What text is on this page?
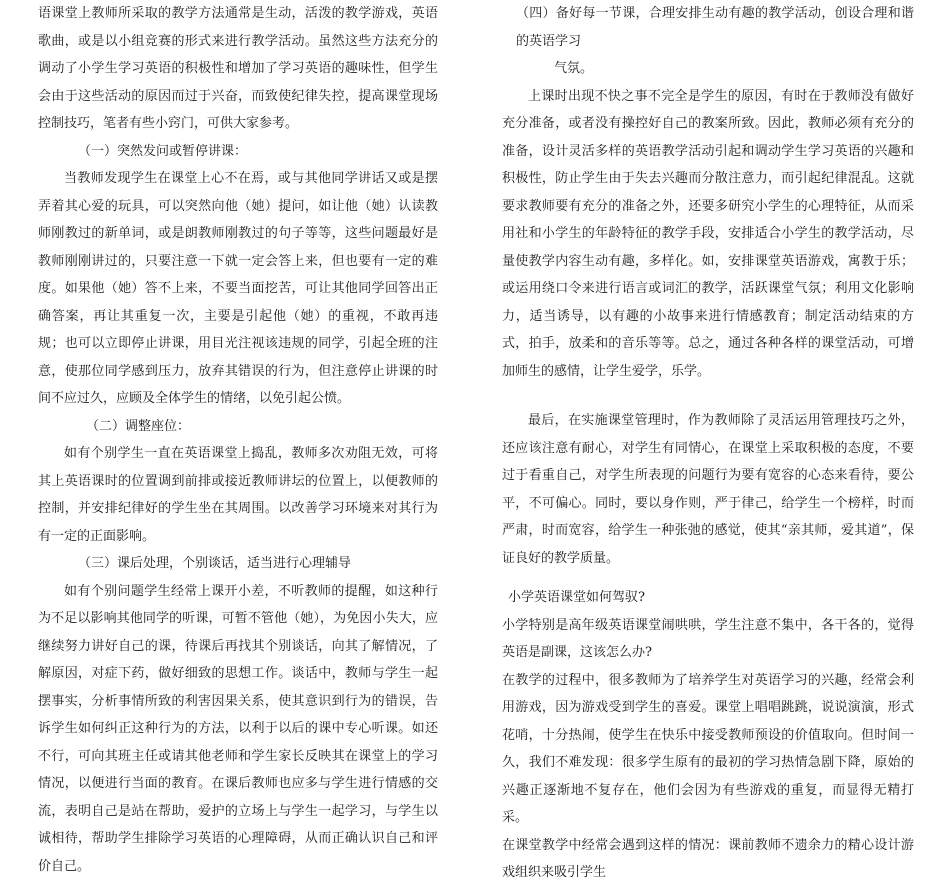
语课堂上教师所采取的教学方法通常是生动，活泼的教学游戏，英语歌曲，或是以小组竞赛的形式来进行教学活动。虽然这些方法充分的调动了小学生学习英语的积极性和增加了学习英语的趣味性，但学生会由于这些活动的原因而过于兴奋，而致使纪律失控，提高课堂现场控制技巧，笔者有些小窍门，可供大家参考。

（一）突然发问或暂停讲课：

当教师发现学生在课堂上心不在焉，或与其他同学讲话又或是摆弄着其心爱的玩具，可以突然向他（她）提问，如让他（她）认读教师刚教过的新单词，或是朗教师刚教过的句子等等，这些问题最好是教师刚刚讲过的，只要注意一下就一定会答上来，但也要有一定的难度。如果他（她）答不上来，不要当面挖苦，可让其他同学回答出正确答案，再让其重复一次，主要是引起他（她）的重视，不敢再违规；也可以立即停止讲课，用目光注视该违规的同学，引起全班的注意，使那位同学感到压力，放弃其错误的行为，但注意停止讲课的时间不应过久，应顾及全体学生的情绪，以免引起公愤。

（二）调整座位：

如有个别学生一直在英语课堂上捣乱，教师多次劝阻无效，可将其上英语课时的位置调到前排或接近教师讲坛的位置上，以便教师的控制，并安排纪律好的学生坐在其周围。以改善学习环境来对其行为有一定的正面影响。

（三）课后处理，个别谈话，适当进行心理辅导

如有个别问题学生经常上课开小差，不听教师的提醒，如这种行为不足以影响其他同学的听课，可暂不管他（她），为免因小失大，应继续努力讲好自己的课，待课后再找其个别谈话，向其了解情况，了解原因，对症下药，做好细致的思想工作。谈话中，教师与学生一起摆事实，分析事情所致的利害因果关系，使其意识到行为的错误，告诉学生如何纠正这种行为的方法，以利于以后的课中专心听课。如还不行，可向其班主任或请其他老师和学生家长反映其在课堂上的学习情况，以便进行当面的教育。在课后教师也应多与学生进行情感的交流，表明自己是站在帮助，爱护的立场上与学生一起学习，与学生以诚相待，帮助学生排除学习英语的心理障碍，从而正确认识自己和评价自己。

（四）备好每一节课，合理安排生动有趣的教学活动，创设合理和谐的英语学习

气氛。

上课时出现不快之事不完全是学生的原因，有时在于教师没有做好充分准备，或者没有操控好自己的教案所致。因此，教师必须有充分的准备，设计灵活多样的英语教学活动引起和调动学生学习英语的兴趣和积极性，防止学生由于失去兴趣而分散注意力，而引起纪律混乱。这就要求教师要有充分的准备之外，还要多研究小学生的心理特征，从而采用社和小学生的年龄特征的教学手段，安排适合小学生的教学活动，尽量使教学内容生动有趣，多样化。如，安排课堂英语游戏，寓教于乐；或运用绕口令来进行语言或词汇的教学，活跃课堂气氛；利用文化影响力，适当诱导，以有趣的小故事来进行情感教育；制定活动结束的方式，拍手，放柔和的音乐等等。总之，通过各种各样的课堂活动，可增加师生的感情，让学生爱学，乐学。

最后，在实施课堂管理时，作为教师除了灵活运用管理技巧之外，还应该注意有耐心，对学生有同情心，在课堂上采取积极的态度，不要过于看重自己，对学生所表现的问题行为要有宽容的心态来看待，要公平，不可偏心。同时，要以身作则，严于律己，给学生一个榜样，时而严肃，时而宽容，给学生一种张弛的感觉，使其“亲其师，爱其道”，保证良好的教学质量。

小学英语课堂如何驾驭?

小学特别是高年级英语课堂闹哄哄，学生注意不集中，各干各的，觉得英语是副课，这该怎么办?

在教学的过程中，很多教师为了培养学生对英语学习的兴趣，经常会利用游戏，因为游戏受到学生的喜爱。课堂上唱唱跳跳，说说演演，形式花哨，十分热闹，使学生在快乐中接受教师预设的价值取向。但时间一久，我们不难发现：很多学生原有的最初的学习热情急剧下降，原始的兴趣正逐渐地不复存在，他们会因为有些游戏的重复，而显得无精打采。

在课堂教学中经常会遇到这样的情况：课前教师不遗余力的精心设计游戏组织来吸引学生
